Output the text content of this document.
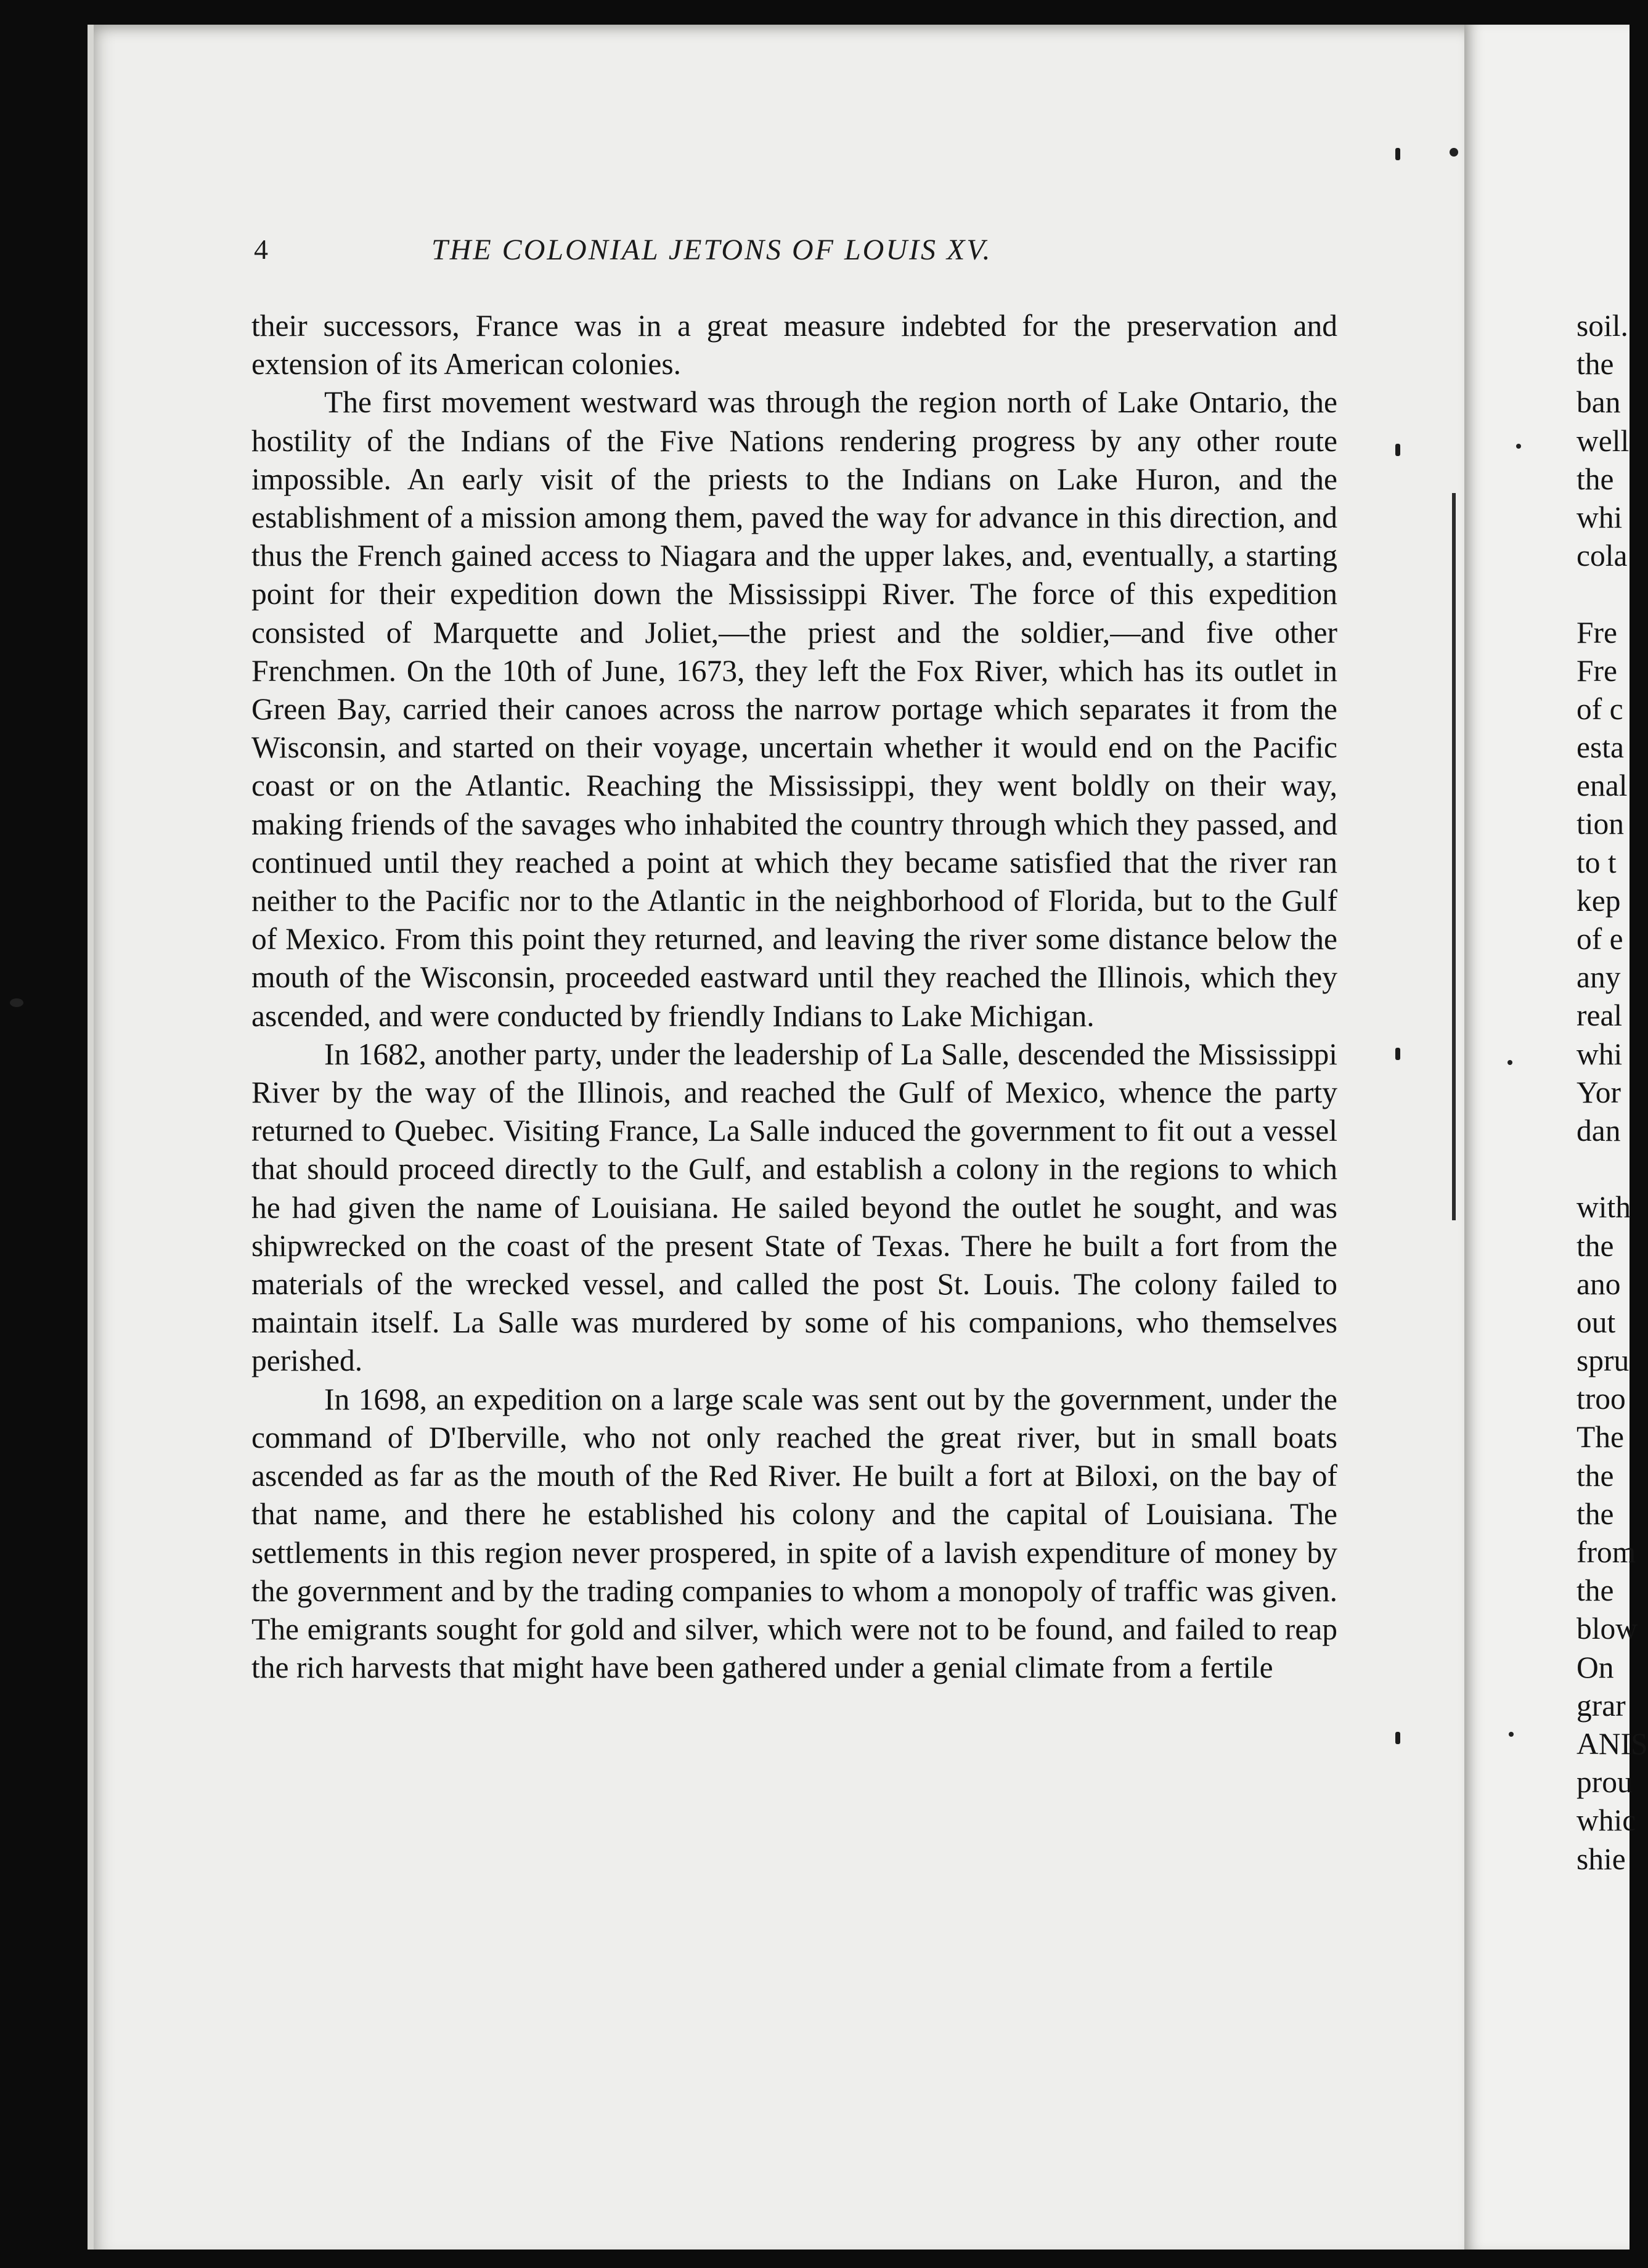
4	THE COLONIAL JETONS OF LOUIS XV.

their successors, France was in a great measure indebted for the preservation and extension of its American colonies.

The first movement westward was through the region north of Lake Ontario, the hostility of the Indians of the Five Nations rendering progress by any other route impossible. An early visit of the priests to the Indians on Lake Huron, and the establishment of a mission among them, paved the way for advance in this direction, and thus the French gained access to Niagara and the upper lakes, and, eventually, a starting point for their expedition down the Mississippi River. The force of this expedition consisted of Marquette and Joliet,—the priest and the soldier,—and five other Frenchmen. On the 10th of June, 1673, they left the Fox River, which has its outlet in Green Bay, carried their canoes across the narrow portage which separates it from the Wisconsin, and started on their voyage, uncertain whether it would end on the Pacific coast or on the Atlantic. Reaching the Mississippi, they went boldly on their way, making friends of the savages who inhabited the country through which they passed, and continued until they reached a point at which they became satisfied that the river ran neither to the Pacific nor to the Atlantic in the neighborhood of Florida, but to the Gulf of Mexico. From this point they returned, and leaving the river some distance below the mouth of the Wisconsin, proceeded eastward until they reached the Illinois, which they ascended, and were conducted by friendly Indians to Lake Michigan.

In 1682, another party, under the leadership of La Salle, descended the Mississippi River by the way of the Illinois, and reached the Gulf of Mexico, whence the party returned to Quebec. Visiting France, La Salle induced the government to fit out a vessel that should proceed directly to the Gulf, and establish a colony in the regions to which he had given the name of Louisiana. He sailed beyond the outlet he sought, and was shipwrecked on the coast of the present State of Texas. There he built a fort from the materials of the wrecked vessel, and called the post St. Louis. The colony failed to maintain itself. La Salle was murdered by some of his companions, who themselves perished.

In 1698, an expedition on a large scale was sent out by the government, under the command of D'Iberville, who not only reached the great river, but in small boats ascended as far as the mouth of the Red River. He built a fort at Biloxi, on the bay of that name, and there he established his colony and the capital of Louisiana. The settlements in this region never prospered, in spite of a lavish expenditure of money by the government and by the trading companies to whom a monopoly of traffic was given. The emigrants sought for gold and silver, which were not to be found, and failed to reap the rich harvests that might have been gathered under a genial climate from a fertile

soil.
the
ban
well
the
whi
cola
Fre
Fre
of c
esta
enal
tion
to t
kep
of e
any
real
whi
Yor
dan
with
the
ano
out
spru
troo
The
the
the
from
the
blow
On
grar
ANIS
prou
whic
shie
